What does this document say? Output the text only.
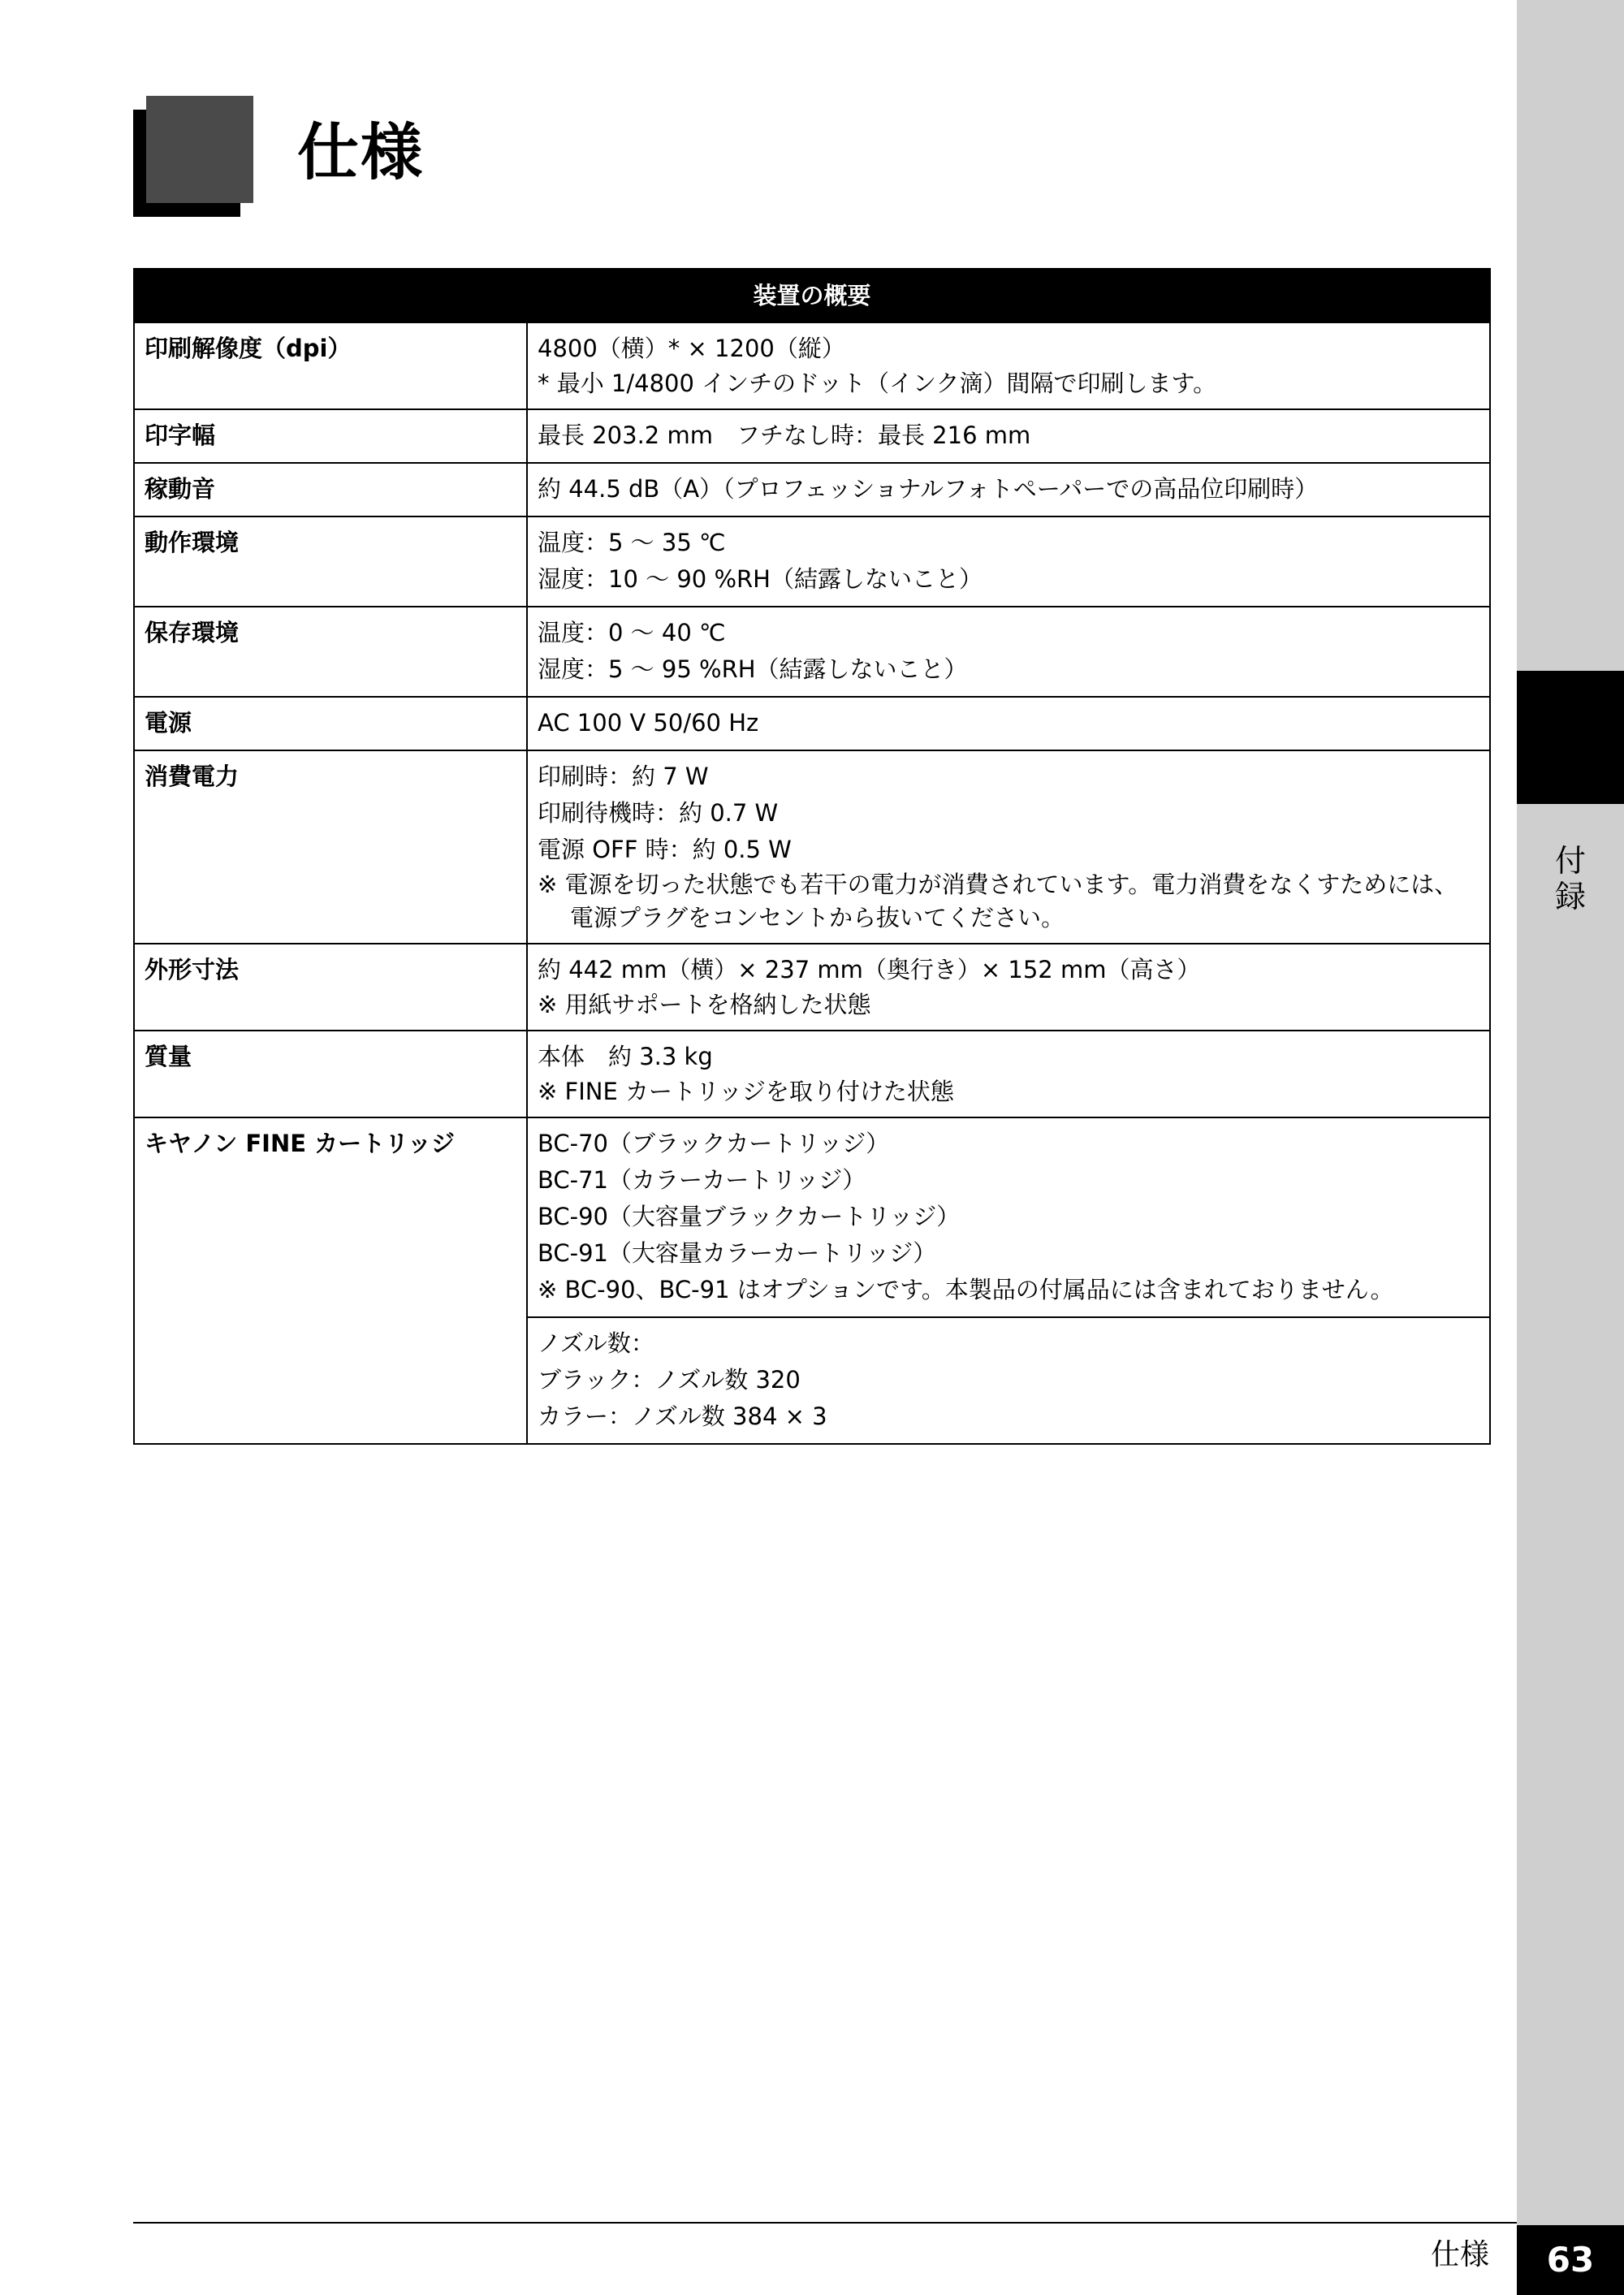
付
録
仕様
装置の概要	
印刷解像度（dpi）	4800（横）* × 1200（縦）
* 最小 1/4800 インチのドット（インク滴）間隔で印刷します。

印字幅	最長 203.2 mm　フチなし時：最長 216 mm

稼動音	約 44.5 dB（A）（プロフェッショナルフォトペーパーでの高品位印刷時）

動作環境	温度：5 ～ 35 ℃
湿度：10 ～ 90 %RH（結露しないこと）

保存環境	温度：0 ～ 40 ℃
湿度：5 ～ 95 %RH（結露しないこと）

電源	AC 100 V 50/60 Hz

消費電力	印刷時：約 7 W
印刷待機時：約 0.7 W
電源 OFF 時：約 0.5 W
※ 電源を切った状態でも若干の電力が消費されています。電力消費をなくすためには、電源プラグをコンセントから抜いてください。

外形寸法	約 442 mm（横）× 237 mm（奥行き）× 152 mm（高さ）
※ 用紙サポートを格納した状態

質量	本体　約 3.3 kg
※ FINE カートリッジを取り付けた状態

キヤノン FINE カートリッジ	BC-70（ブラックカートリッジ）
BC-71（カラーカートリッジ）
BC-90（大容量ブラックカートリッジ）
BC-91（大容量カラーカートリッジ）
※ BC-90、BC-91 はオプションです。本製品の付属品には含まれておりません。

	ノズル数：
ブラック：ノズル数 320
カラー：ノズル数 384 × 3
仕様	63
